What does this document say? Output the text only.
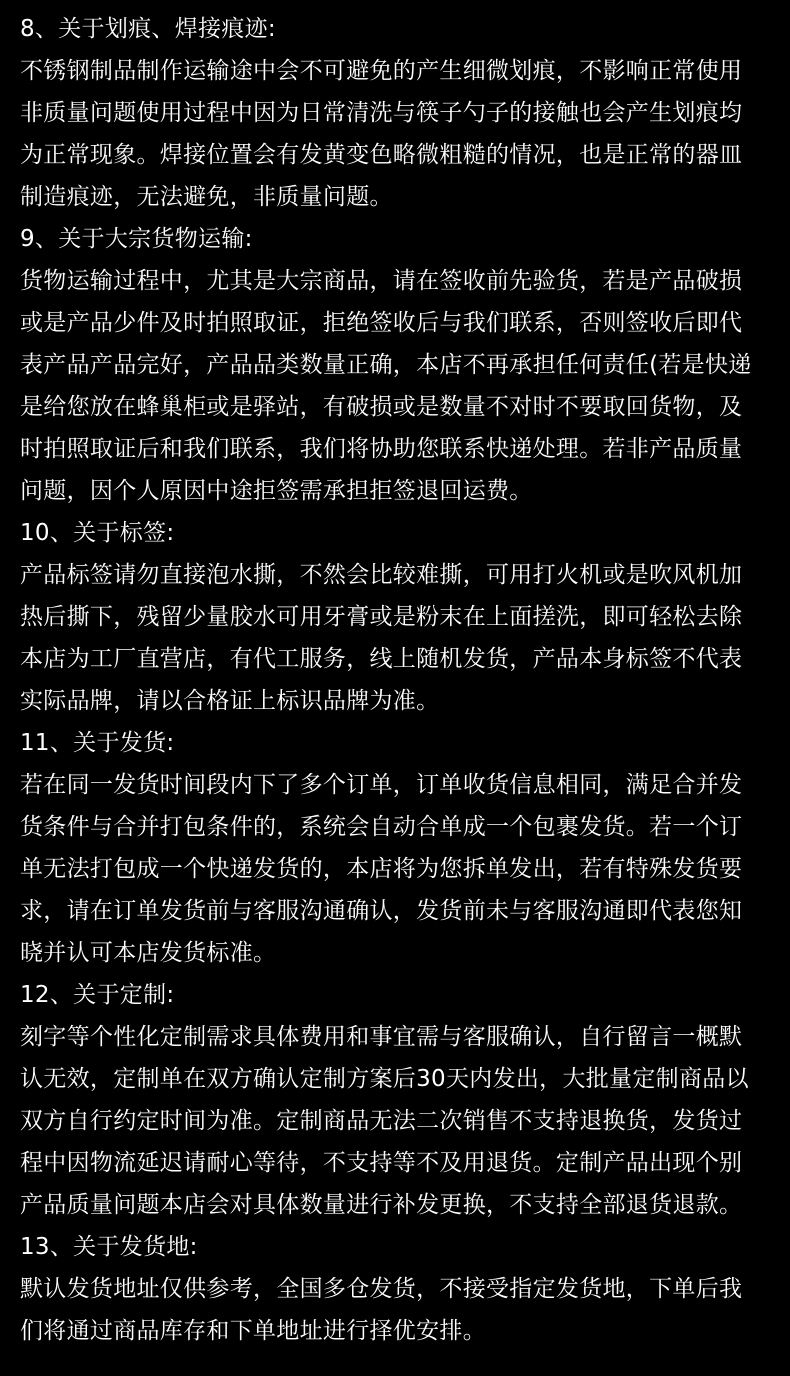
8、关于划痕、焊接痕迹:
不锈钢制品制作运输途中会不可避免的产生细微划痕，不影响正常使用
非质量问题使用过程中因为日常清洗与筷子勺子的接触也会产生划痕均
为正常现象。焊接位置会有发黄变色略微粗糙的情况，也是正常的器皿
制造痕迹，无法避免，非质量问题。
9、关于大宗货物运输:
货物运输过程中，尤其是大宗商品，请在签收前先验货，若是产品破损
或是产品少件及时拍照取证，拒绝签收后与我们联系，否则签收后即代
表产品产品完好，产品品类数量正确，本店不再承担任何责任(若是快递
是给您放在蜂巢柜或是驿站，有破损或是数量不对时不要取回货物，及
时拍照取证后和我们联系，我们将协助您联系快递处理。若非产品质量
问题，因个人原因中途拒签需承担拒签退回运费。
10、关于标签:
产品标签请勿直接泡水撕，不然会比较难撕，可用打火机或是吹风机加
热后撕下，残留少量胶水可用牙膏或是粉末在上面搓洗，即可轻松去除
本店为工厂直营店，有代工服务，线上随机发货，产品本身标签不代表
实际品牌，请以合格证上标识品牌为准。
11、关于发货:
若在同一发货时间段内下了多个订单，订单收货信息相同，满足合并发
货条件与合并打包条件的，系统会自动合单成一个包裹发货。若一个订
单无法打包成一个快递发货的，本店将为您拆单发出，若有特殊发货要
求，请在订单发货前与客服沟通确认，发货前未与客服沟通即代表您知
晓并认可本店发货标准。
12、关于定制:
刻字等个性化定制需求具体费用和事宜需与客服确认，自行留言一概默
认无效，定制单在双方确认定制方案后30天内发出，大批量定制商品以
双方自行约定时间为准。定制商品无法二次销售不支持退换货，发货过
程中因物流延迟请耐心等待，不支持等不及用退货。定制产品出现个别
产品质量问题本店会对具体数量进行补发更换，不支持全部退货退款。
13、关于发货地:
默认发货地址仅供参考，全国多仓发货，不接受指定发货地，下单后我
们将通过商品库存和下单地址进行择优安排。
